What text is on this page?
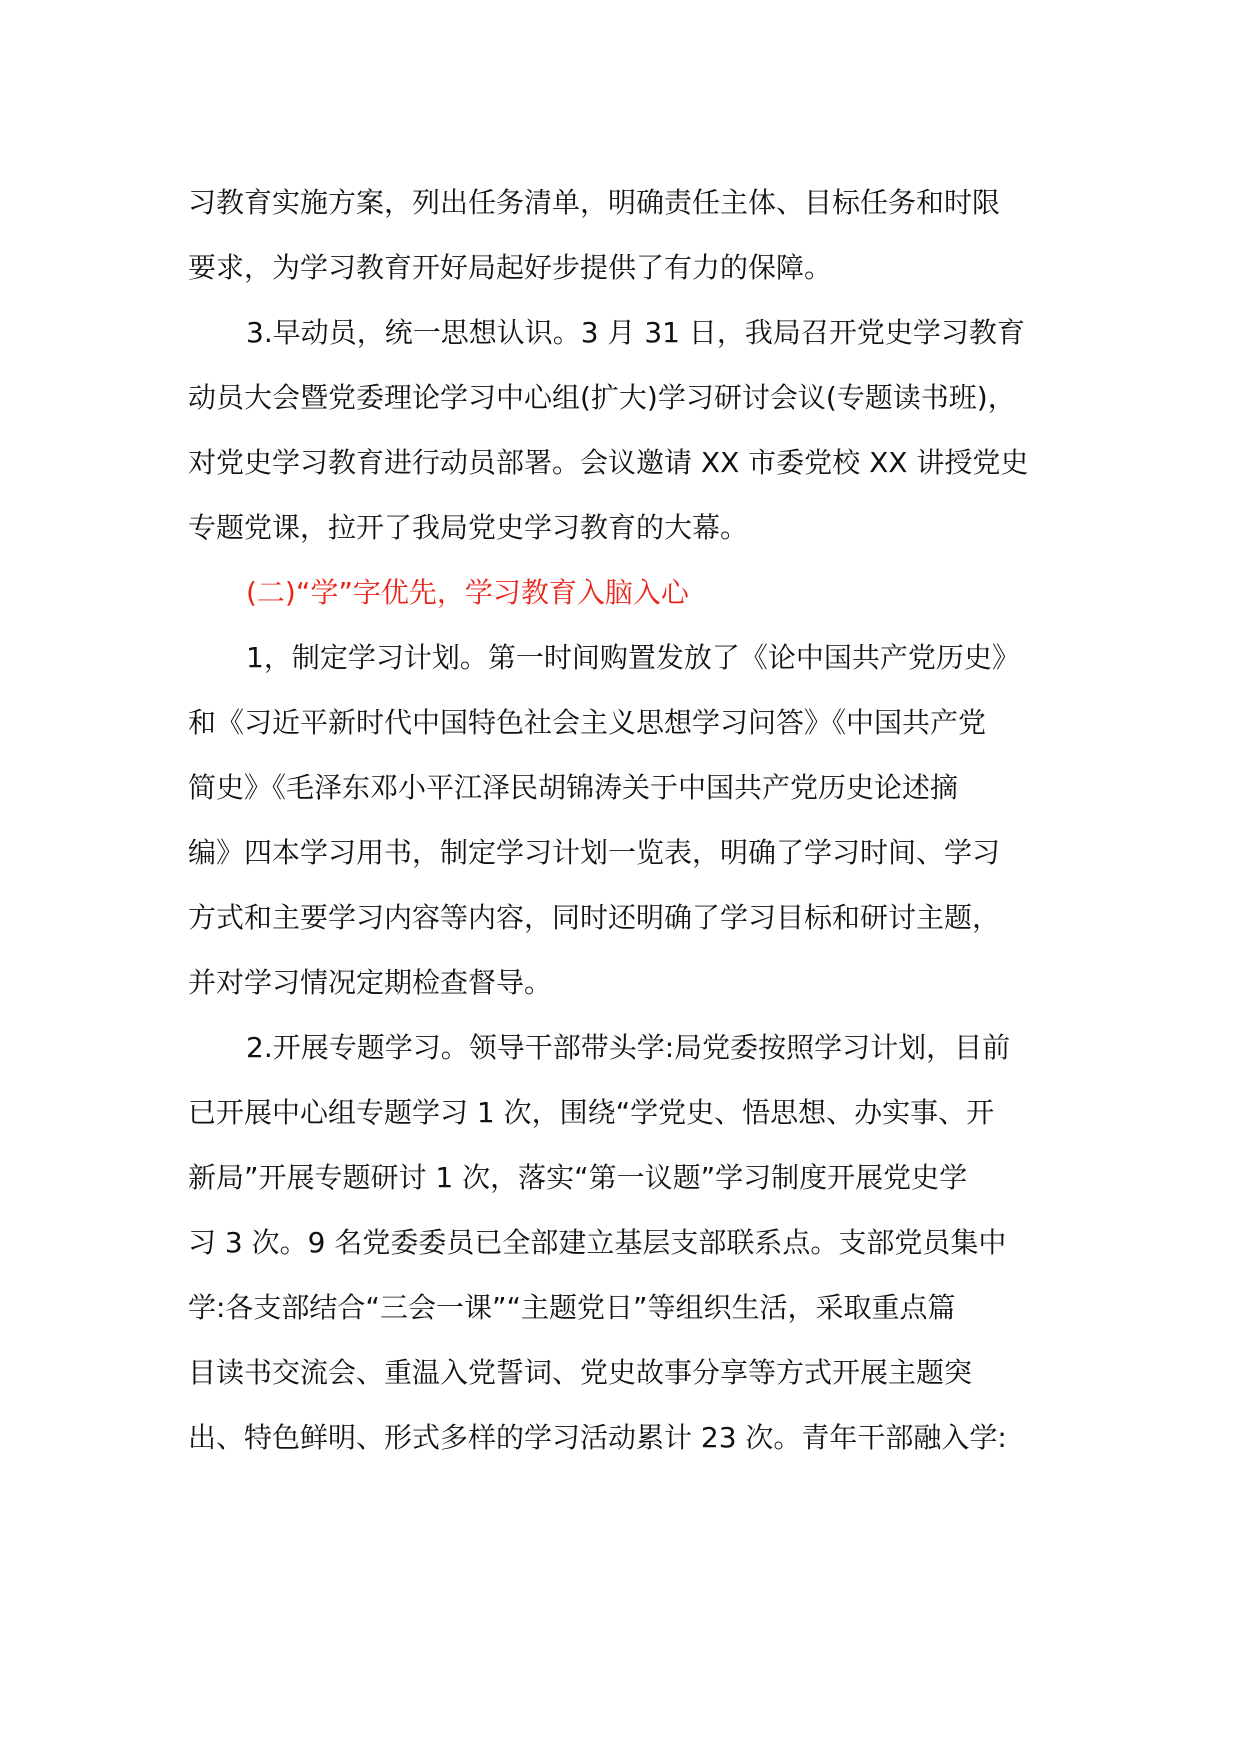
习教育实施方案，列出任务清单，明确责任主体、目标任务和时限
要求，为学习教育开好局起好步提供了有力的保障。
3.早动员，统一思想认识。3 月 31 日，我局召开党史学习教育
动员大会暨党委理论学习中心组(扩大)学习研讨会议(专题读书班)，
对党史学习教育进行动员部署。会议邀请 XX 市委党校 XX 讲授党史
专题党课，拉开了我局党史学习教育的大幕。
(二)“学”字优先，学习教育入脑入心
1，制定学习计划。第一时间购置发放了《论中国共产党历史》
和《习近平新时代中国特色社会主义思想学习问答》《中国共产党
简史》《毛泽东邓小平江泽民胡锦涛关于中国共产党历史论述摘
编》四本学习用书，制定学习计划一览表，明确了学习时间、学习
方式和主要学习内容等内容，同时还明确了学习目标和研讨主题，
并对学习情况定期检查督导。
2.开展专题学习。领导干部带头学:局党委按照学习计划，目前
已开展中心组专题学习 1 次，围绕“学党史、悟思想、办实事、开
新局”开展专题研讨 1 次，落实“第一议题”学习制度开展党史学
习 3 次。9 名党委委员已全部建立基层支部联系点。支部党员集中
学:各支部结合“三会一课”“主题党日”等组织生活，采取重点篇
目读书交流会、重温入党誓词、党史故事分享等方式开展主题突
出、特色鲜明、形式多样的学习活动累计 23 次。青年干部融入学:
